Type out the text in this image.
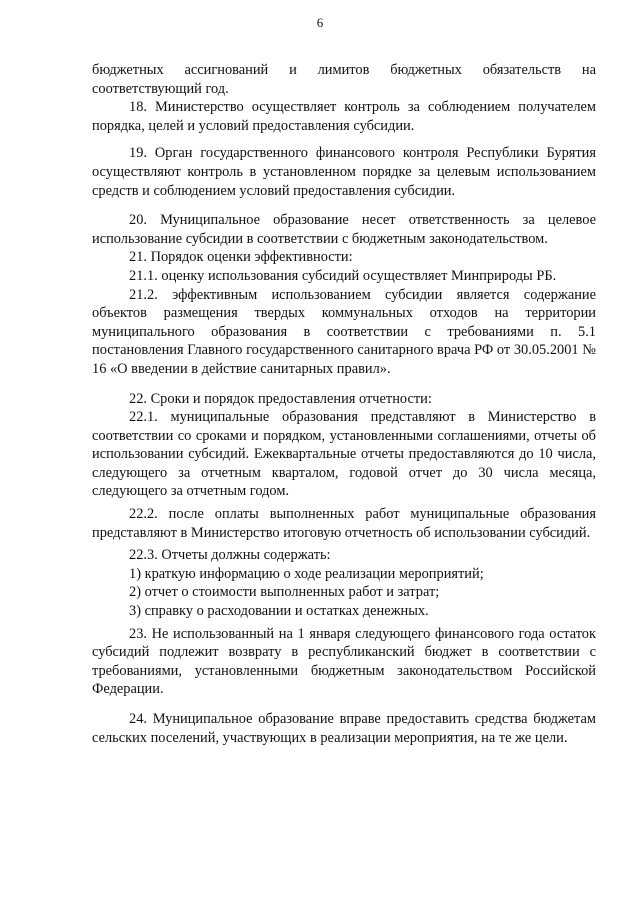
6

бюджетных ассигнований и лимитов бюджетных обязательств на соответствующий год.

18. Министерство осуществляет контроль за соблюдением получателем порядка, целей и условий предоставления субсидии.

19. Орган государственного финансового контроля Республики Бурятия осуществляют контроль в установленном порядке за целевым использованием средств и соблюдением условий предоставления субсидии.

20. Муниципальное образование несет ответственность за целевое использование субсидии в соответствии с бюджетным законодательством.

21. Порядок оценки эффективности:

21.1. оценку использования субсидий осуществляет Минприроды РБ.

21.2. эффективным использованием субсидии является содержание объектов размещения твердых коммунальных отходов на территории муниципального образования в соответствии с требованиями п. 5.1 постановления Главного государственного санитарного врача РФ от 30.05.2001 № 16 «О введении в действие санитарных правил».

22. Сроки и порядок предоставления отчетности:

22.1. муниципальные образования представляют в Министерство в соответствии со сроками и порядком, установленными соглашениями, отчеты об использовании субсидий. Ежеквартальные отчеты предоставляются до 10 числа, следующего за отчетным кварталом, годовой отчет до 30 числа месяца, следующего за отчетным годом.

22.2. после оплаты выполненных работ муниципальные образования представляют в Министерство итоговую отчетность об использовании субсидий.

22.3. Отчеты должны содержать:

1) краткую информацию о ходе реализации мероприятий;

2) отчет о стоимости выполненных работ и затрат;

3) справку о расходовании и остатках денежных.

23. Не использованный на 1 января следующего финансового года остаток субсидий подлежит возврату в республиканский бюджет в соответствии с требованиями, установленными бюджетным законодательством Российской Федерации.

24. Муниципальное образование вправе предоставить средства бюджетам сельских поселений, участвующих в реализации мероприятия, на те же цели.
